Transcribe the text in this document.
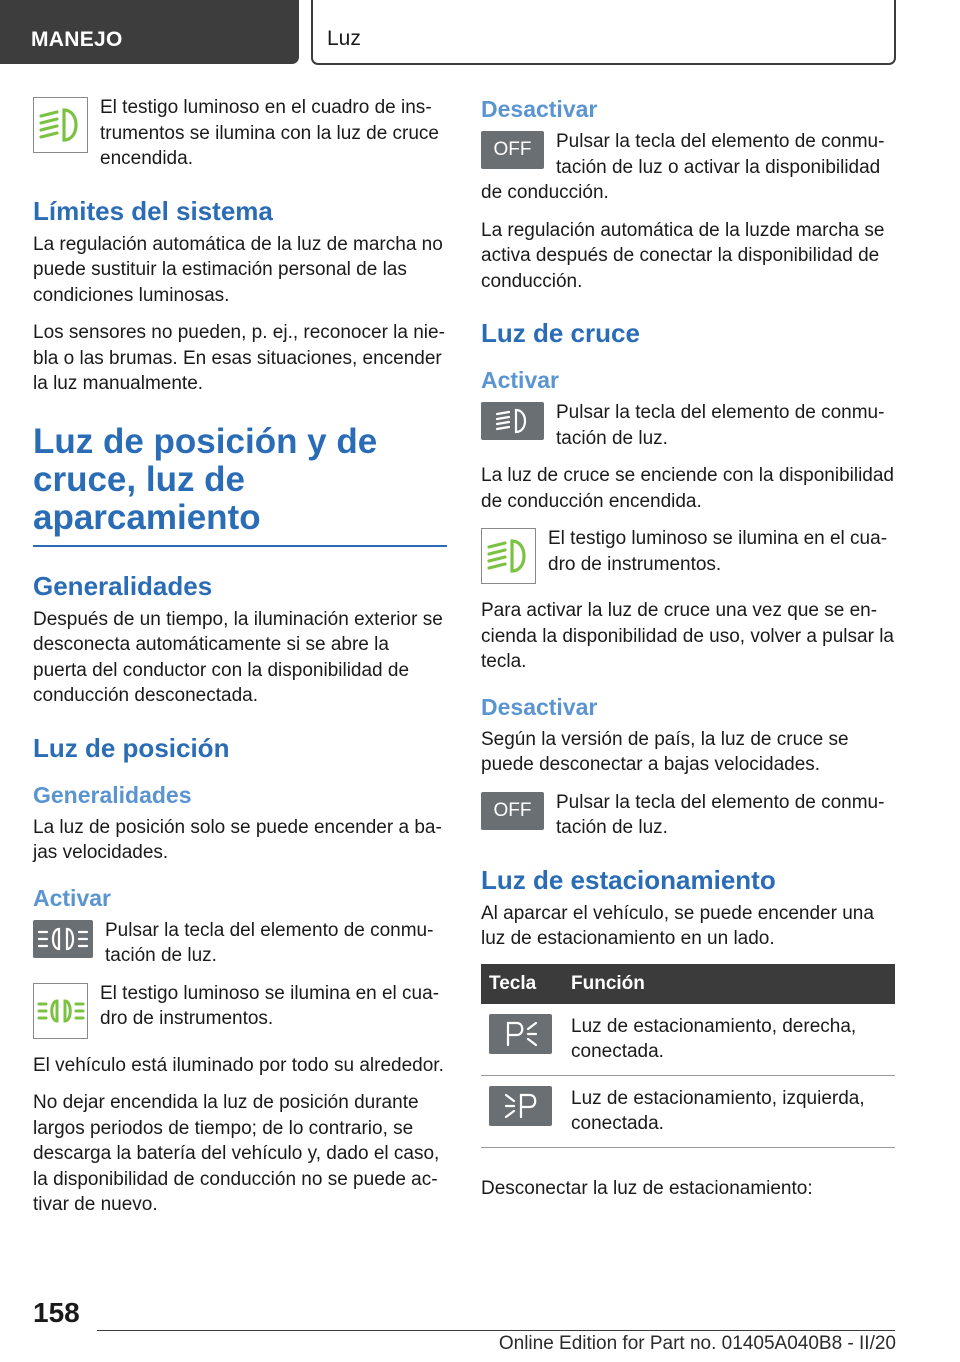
MANEJO	Luz
El testigo luminoso en el cuadro de instrumentos se ilumina con la luz de cruce encendida.
Límites del sistema
La regulación automática de la luz de marcha no puede sustituir la estimación personal de las condiciones luminosas.
Los sensores no pueden, p. ej., reconocer la niebla o las brumas. En esas situaciones, encender la luz manualmente.
Luz de posición y de cruce, luz de aparcamiento
Generalidades
Después de un tiempo, la iluminación exterior se desconecta automáticamente si se abre la puerta del conductor con la disponibilidad de conducción desconectada.
Luz de posición
Generalidades
La luz de posición solo se puede encender a bajas velocidades.
Activar
Pulsar la tecla del elemento de conmutación de luz.
El testigo luminoso se ilumina en el cuadro de instrumentos.
El vehículo está iluminado por todo su alrededor.
No dejar encendida la luz de posición durante largos periodos de tiempo; de lo contrario, se descarga la batería del vehículo y, dado el caso, la disponibilidad de conducción no se puede activar de nuevo.
Desactivar
OFF	Pulsar la tecla del elemento de conmutación de luz o activar la disponibilidad de conducción.
La regulación automática de la luzde marcha se activa después de conectar la disponibilidad de conducción.
Luz de cruce
Activar
Pulsar la tecla del elemento de conmutación de luz.
La luz de cruce se enciende con la disponibilidad de conducción encendida.
El testigo luminoso se ilumina en el cuadro de instrumentos.
Para activar la luz de cruce una vez que se encienda la disponibilidad de uso, volver a pulsar la tecla.
Desactivar
Según la versión de país, la luz de cruce se puede desconectar a bajas velocidades.
OFF	Pulsar la tecla del elemento de conmutación de luz.
Luz de estacionamiento
Al aparcar el vehículo, se puede encender una luz de estacionamiento en un lado.
Tecla	Función

	Luz de estacionamiento, derecha, conectada.

	Luz de estacionamiento, izquierda, conectada.
Desconectar la luz de estacionamiento:
158
Online Edition for Part no. 01405A040B8 - II/20
